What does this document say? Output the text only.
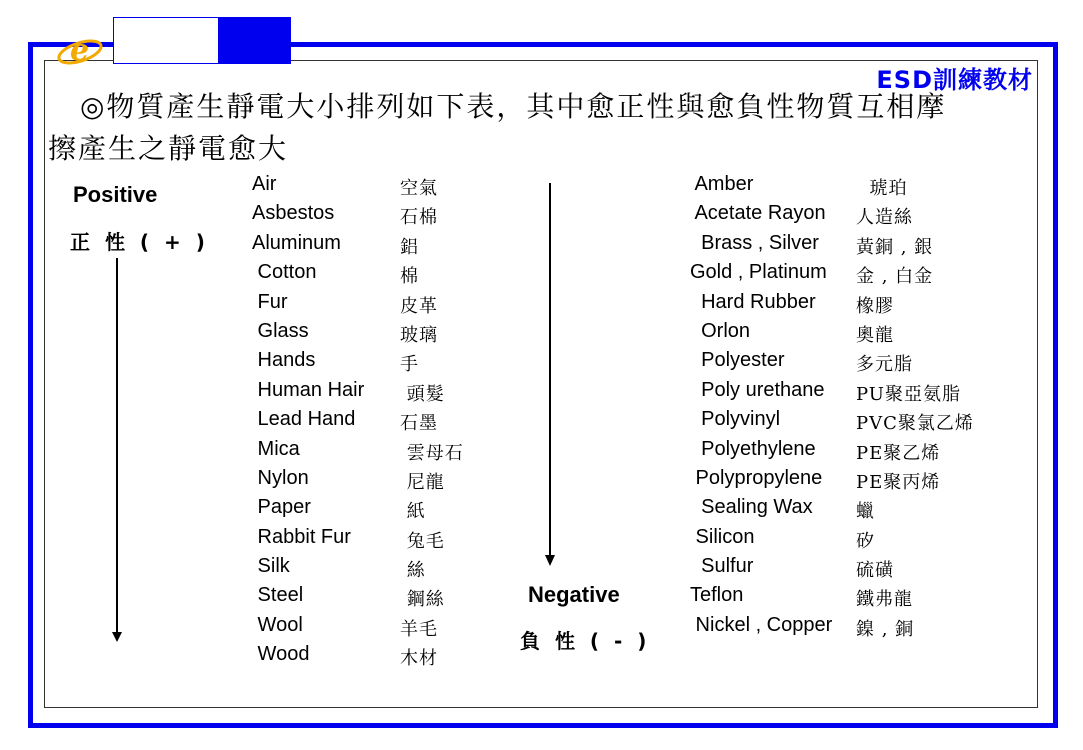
e
ESD訓練教材
◎物質產生靜電大小排列如下表，其中愈正性與愈負性物質互相摩
擦產生之靜電愈大
Positive
正 性 ( + )
Negative
負 性 ( - )
Air	空氣
Asbestos	石棉
Aluminum	鋁
Cotton	棉
Fur	皮革
Glass	玻璃
Hands	手
Human Hair 頭髮
Lead Hand 石墨
Mica	雲母石
Nylon	尼龍
Paper	紙
Rabbit Fur	兔毛
Silk	絲
Steel	鋼絲
Wool	羊毛
Wood	木材
Amber	琥珀
Acetate Rayon 人造絲
Brass , Silver 黃銅 , 銀
Gold , Platinum 金 , 白金
Hard Rubber 橡膠
Orlon	奧龍
Polyester	多元脂
Poly urethane PU聚亞氨脂
Polyvinyl	PVC聚氯乙烯
Polyethylene PE聚乙烯
Polypropylene PE聚丙烯
Sealing Wax 蠟
Silicon	矽
Sulfur	硫磺
Teflon	鐵弗龍
Nickel , Copper 鎳 , 銅
